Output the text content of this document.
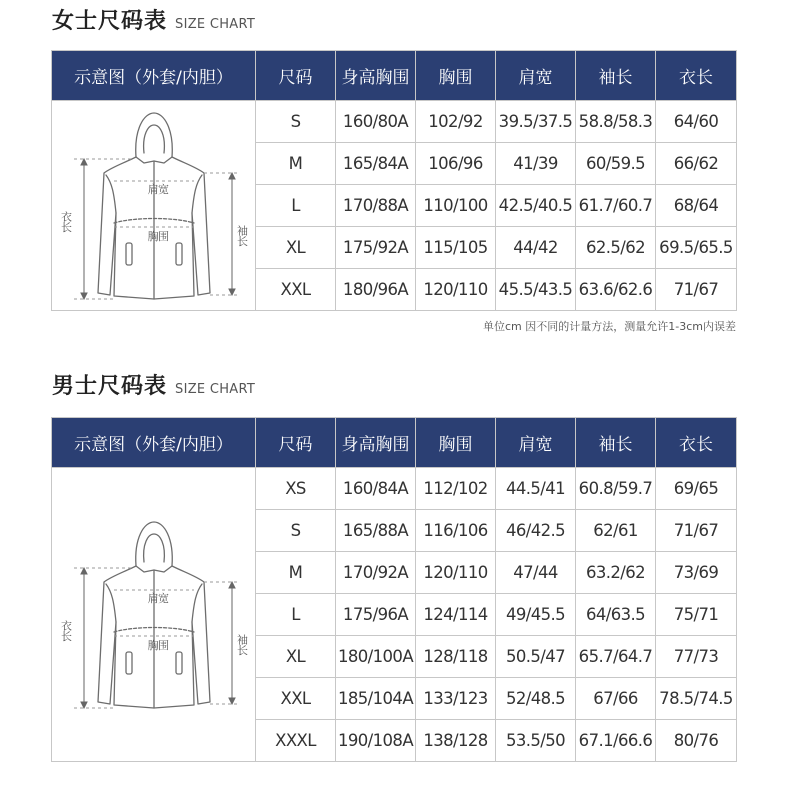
女士尺码表 SIZE CHART
示意图（外套/内胆）	尺码	身高胸围	胸围	肩宽	袖长	衣长

肩宽
胸围
衣长
袖长	S	160/80A	102/92	39.5/37.5	58.8/58.3	64/60
	M	165/84A	106/96	41/39	60/59.5	66/62
	L	170/88A	110/100	42.5/40.5	61.7/60.7	68/64
	XL	175/92A	115/105	44/42	62.5/62	69.5/65.5
	XXL	180/96A	120/110	45.5/43.5	63.6/62.6	71/67
单位cm 因不同的计量方法，测量允许1-3cm内误差
男士尺码表 SIZE CHART
示意图（外套/内胆）	尺码	身高胸围	胸围	肩宽	袖长	衣长

肩宽
胸围
衣长
袖长	XS	160/84A	112/102	44.5/41	60.8/59.7	69/65
	S	165/88A	116/106	46/42.5	62/61	71/67
	M	170/92A	120/110	47/44	63.2/62	73/69
	L	175/96A	124/114	49/45.5	64/63.5	75/71
	XL	180/100A	128/118	50.5/47	65.7/64.7	77/73
	XXL	185/104A	133/123	52/48.5	67/66	78.5/74.5
	XXXL	190/108A	138/128	53.5/50	67.1/66.6	80/76
